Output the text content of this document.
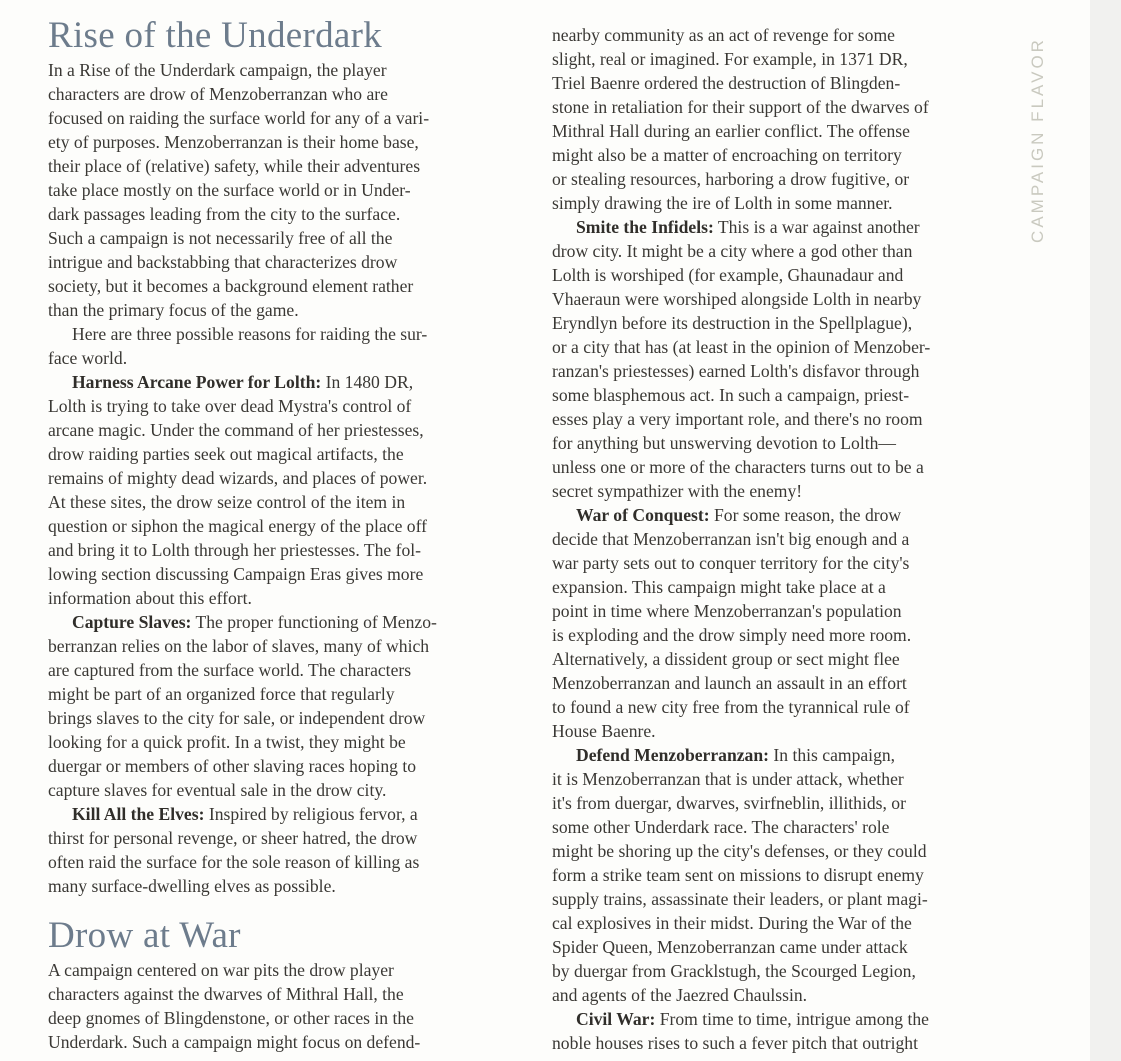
Rise of the Underdark
In a Rise of the Underdark campaign, the player
characters are drow of Menzoberranzan who are
focused on raiding the surface world for any of a vari-
ety of purposes. Menzoberranzan is their home base,
their place of (relative) safety, while their adventures
take place mostly on the surface world or in Under-
dark passages leading from the city to the surface.
Such a campaign is not necessarily free of all the
intrigue and backstabbing that characterizes drow
society, but it becomes a background element rather
than the primary focus of the game.
Here are three possible reasons for raiding the sur-
face world.
Harness Arcane Power for Lolth: In 1480 DR,
Lolth is trying to take over dead Mystra's control of
arcane magic. Under the command of her priestesses,
drow raiding parties seek out magical artifacts, the
remains of mighty dead wizards, and places of power.
At these sites, the drow seize control of the item in
question or siphon the magical energy of the place off
and bring it to Lolth through her priestesses. The fol-
lowing section discussing Campaign Eras gives more
information about this effort.
Capture Slaves: The proper functioning of Menzo-
berranzan relies on the labor of slaves, many of which
are captured from the surface world. The characters
might be part of an organized force that regularly
brings slaves to the city for sale, or independent drow
looking for a quick profit. In a twist, they might be
duergar or members of other slaving races hoping to
capture slaves for eventual sale in the drow city.
Kill All the Elves: Inspired by religious fervor, a
thirst for personal revenge, or sheer hatred, the drow
often raid the surface for the sole reason of killing as
many surface-dwelling elves as possible.
Drow at War
A campaign centered on war pits the drow player
characters against the dwarves of Mithral Hall, the
deep gnomes of Blingdenstone, or other races in the
Underdark. Such a campaign might focus on defend-
nearby community as an act of revenge for some
slight, real or imagined. For example, in 1371 DR,
Triel Baenre ordered the destruction of Blingden-
stone in retaliation for their support of the dwarves of
Mithral Hall during an earlier conflict. The offense
might also be a matter of encroaching on territory
or stealing resources, harboring a drow fugitive, or
simply drawing the ire of Lolth in some manner.
Smite the Infidels: This is a war against another
drow city. It might be a city where a god other than
Lolth is worshiped (for example, Ghaunadaur and
Vhaeraun were worshiped alongside Lolth in nearby
Eryndlyn before its destruction in the Spellplague),
or a city that has (at least in the opinion of Menzober-
ranzan's priestesses) earned Lolth's disfavor through
some blasphemous act. In such a campaign, priest-
esses play a very important role, and there's no room
for anything but unswerving devotion to Lolth—
unless one or more of the characters turns out to be a
secret sympathizer with the enemy!
War of Conquest: For some reason, the drow
decide that Menzoberranzan isn't big enough and a
war party sets out to conquer territory for the city's
expansion. This campaign might take place at a
point in time where Menzoberranzan's population
is exploding and the drow simply need more room.
Alternatively, a dissident group or sect might flee
Menzoberranzan and launch an assault in an effort
to found a new city free from the tyrannical rule of
House Baenre.
Defend Menzoberranzan: In this campaign,
it is Menzoberranzan that is under attack, whether
it's from duergar, dwarves, svirfneblin, illithids, or
some other Underdark race. The characters' role
might be shoring up the city's defenses, or they could
form a strike team sent on missions to disrupt enemy
supply trains, assassinate their leaders, or plant magi-
cal explosives in their midst. During the War of the
Spider Queen, Menzoberranzan came under attack
by duergar from Gracklstugh, the Scourged Legion,
and agents of the Jaezred Chaulssin.
Civil War: From time to time, intrigue among the
noble houses rises to such a fever pitch that outright
CAMPAIGN FLAVOR
